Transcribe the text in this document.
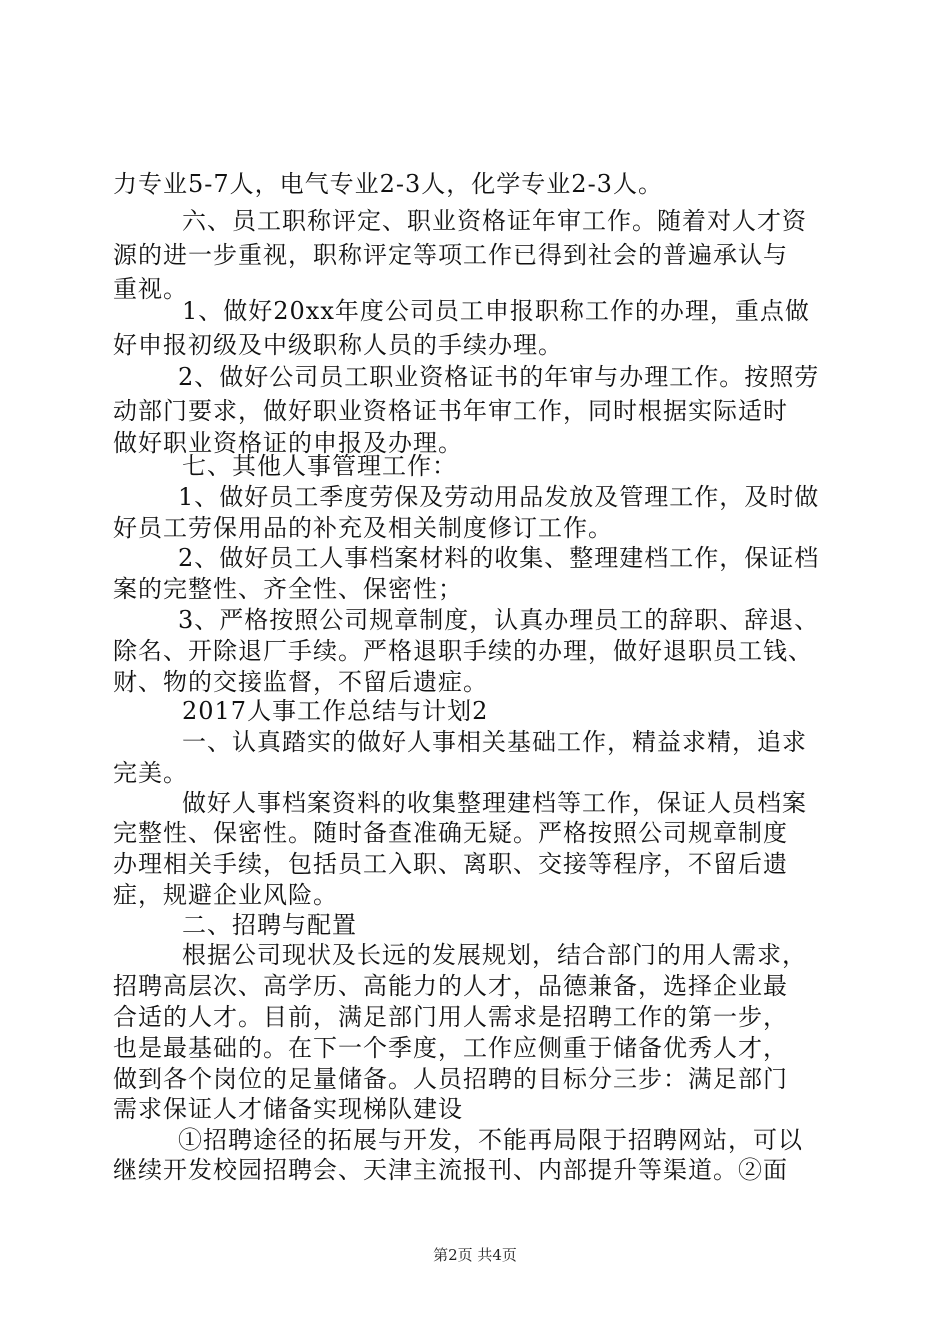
力专业5-7人，电气专业2-3人，化学专业2-3人。
六、员工职称评定、职业资格证年审工作。随着对人才资
源的进一步重视，职称评定等项工作已得到社会的普遍承认与
重视。
1、做好20xx年度公司员工申报职称工作的办理，重点做
好申报初级及中级职称人员的手续办理。
2、做好公司员工职业资格证书的年审与办理工作。按照劳
动部门要求，做好职业资格证书年审工作，同时根据实际适时
做好职业资格证的申报及办理。
七、其他人事管理工作：
1、做好员工季度劳保及劳动用品发放及管理工作，及时做
好员工劳保用品的补充及相关制度修订工作。
2、做好员工人事档案材料的收集、整理建档工作，保证档
案的完整性、齐全性、保密性；
3、严格按照公司规章制度，认真办理员工的辞职、辞退、
除名、开除退厂手续。严格退职手续的办理，做好退职员工钱、
财、物的交接监督，不留后遗症。
2017人事工作总结与计划2
一、认真踏实的做好人事相关基础工作，精益求精，追求
完美。
做好人事档案资料的收集整理建档等工作，保证人员档案
完整性、保密性。随时备查准确无疑。严格按照公司规章制度
办理相关手续，包括员工入职、离职、交接等程序，不留后遗
症，规避企业风险。
二、招聘与配置
根据公司现状及长远的发展规划，结合部门的用人需求，
招聘高层次、高学历、高能力的人才，品德兼备，选择企业最
合适的人才。目前，满足部门用人需求是招聘工作的第一步，
也是最基础的。在下一个季度，工作应侧重于储备优秀人才，
做到各个岗位的足量储备。人员招聘的目标分三步：满足部门
需求保证人才储备实现梯队建设
①招聘途径的拓展与开发，不能再局限于招聘网站，可以
继续开发校园招聘会、天津主流报刊、内部提升等渠道。②面
第2页 共4页
